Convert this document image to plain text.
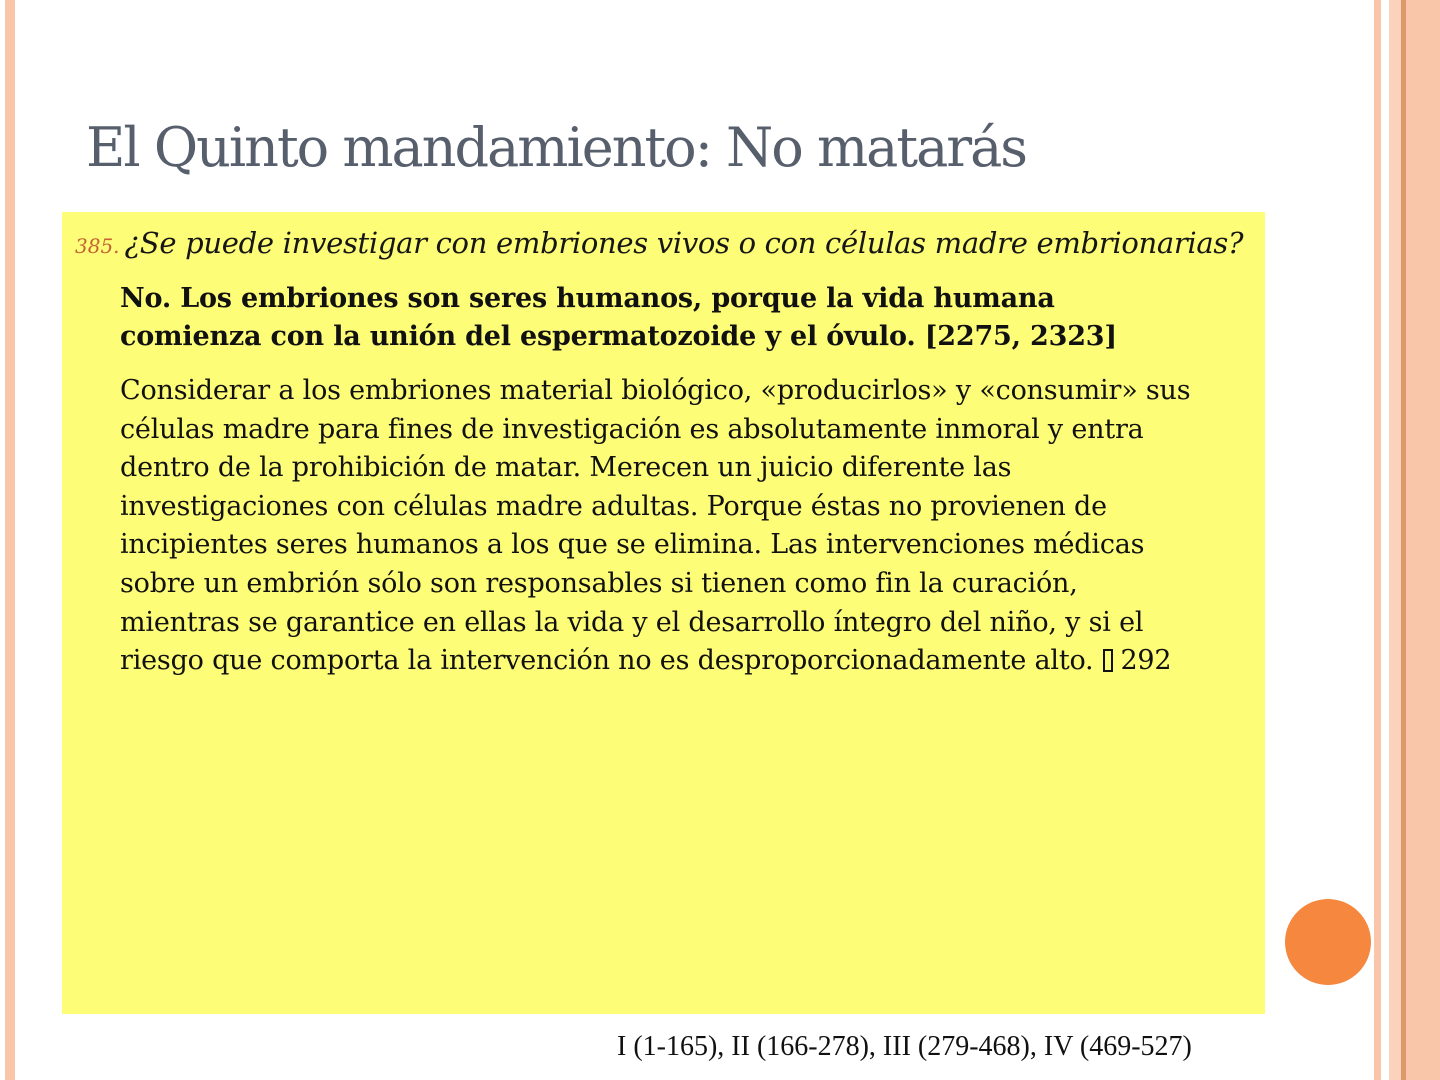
El Quinto mandamiento: No matarás
385. ¿Se puede investigar con embriones vivos o con células madre embrionarias?
No. Los embriones son seres humanos, porque la vida humana
comienza con la unión del espermatozoide y el óvulo. [2275, 2323]
Considerar a los embriones material biológico, «producirlos» y «consumir» sus
células madre para fines de investigación es absolutamente inmoral y entra
dentro de la prohibición de matar. Merecen un juicio diferente las
investigaciones con células madre adultas. Porque éstas no provienen de
incipientes seres humanos a los que se elimina. Las intervenciones médicas
sobre un embrión sólo son responsables si tienen como fin la curación,
mientras se garantice en ellas la vida y el desarrollo íntegro del niño, y si el
riesgo que comporta la intervención no es desproporcionadamente alto. 292
I (1-165), II (166-278), III (279-468), IV (469-527)
